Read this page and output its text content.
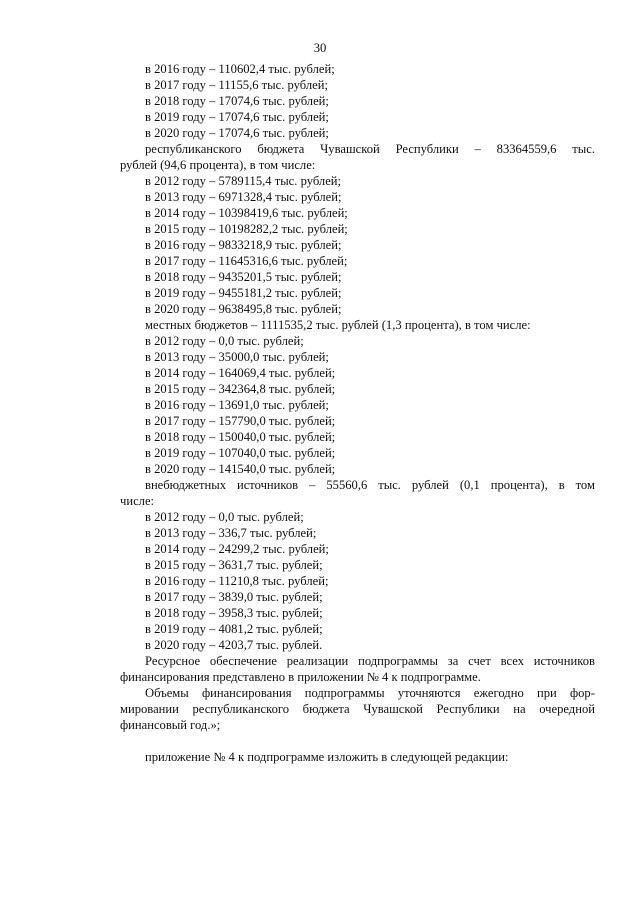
30
в 2016 году – 110602,4 тыс. рублей;
в 2017 году – 11155,6 тыс. рублей;
в 2018 году – 17074,6 тыс. рублей;
в 2019 году – 17074,6 тыс. рублей;
в 2020 году – 17074,6 тыс. рублей;
республиканского бюджета Чувашской Республики – 83364559,6 тыс.
рублей (94,6 процента), в том числе:
в 2012 году – 5789115,4 тыс. рублей;
в 2013 году – 6971328,4 тыс. рублей;
в 2014 году – 10398419,6 тыс. рублей;
в 2015 году – 10198282,2 тыс. рублей;
в 2016 году – 9833218,9 тыс. рублей;
в 2017 году – 11645316,6 тыс. рублей;
в 2018 году – 9435201,5 тыс. рублей;
в 2019 году – 9455181,2 тыс. рублей;
в 2020 году – 9638495,8 тыс. рублей;
местных бюджетов – 1111535,2 тыс. рублей (1,3 процента), в том числе:
в 2012 году – 0,0 тыс. рублей;
в 2013 году – 35000,0 тыс. рублей;
в 2014 году – 164069,4 тыс. рублей;
в 2015 году – 342364,8 тыс. рублей;
в 2016 году – 13691,0 тыс. рублей;
в 2017 году – 157790,0 тыс. рублей;
в 2018 году – 150040,0 тыс. рублей;
в 2019 году – 107040,0 тыс. рублей;
в 2020 году – 141540,0 тыс. рублей;
внебюджетных источников – 55560,6 тыс. рублей (0,1 процента), в том
числе:
в 2012 году – 0,0 тыс. рублей;
в 2013 году – 336,7 тыс. рублей;
в 2014 году – 24299,2 тыс. рублей;
в 2015 году – 3631,7 тыс. рублей;
в 2016 году – 11210,8 тыс. рублей;
в 2017 году – 3839,0 тыс. рублей;
в 2018 году – 3958,3 тыс. рублей;
в 2019 году – 4081,2 тыс. рублей;
в 2020 году – 4203,7 тыс. рублей.
Ресурсное обеспечение реализации подпрограммы за счет всех источников
финансирования представлено в приложении № 4 к подпрограмме.
Объемы финансирования подпрограммы уточняются ежегодно при фор-
мировании республиканского бюджета Чувашской Республики на очередной
финансовый год.»;
приложение № 4 к подпрограмме изложить в следующей редакции:
